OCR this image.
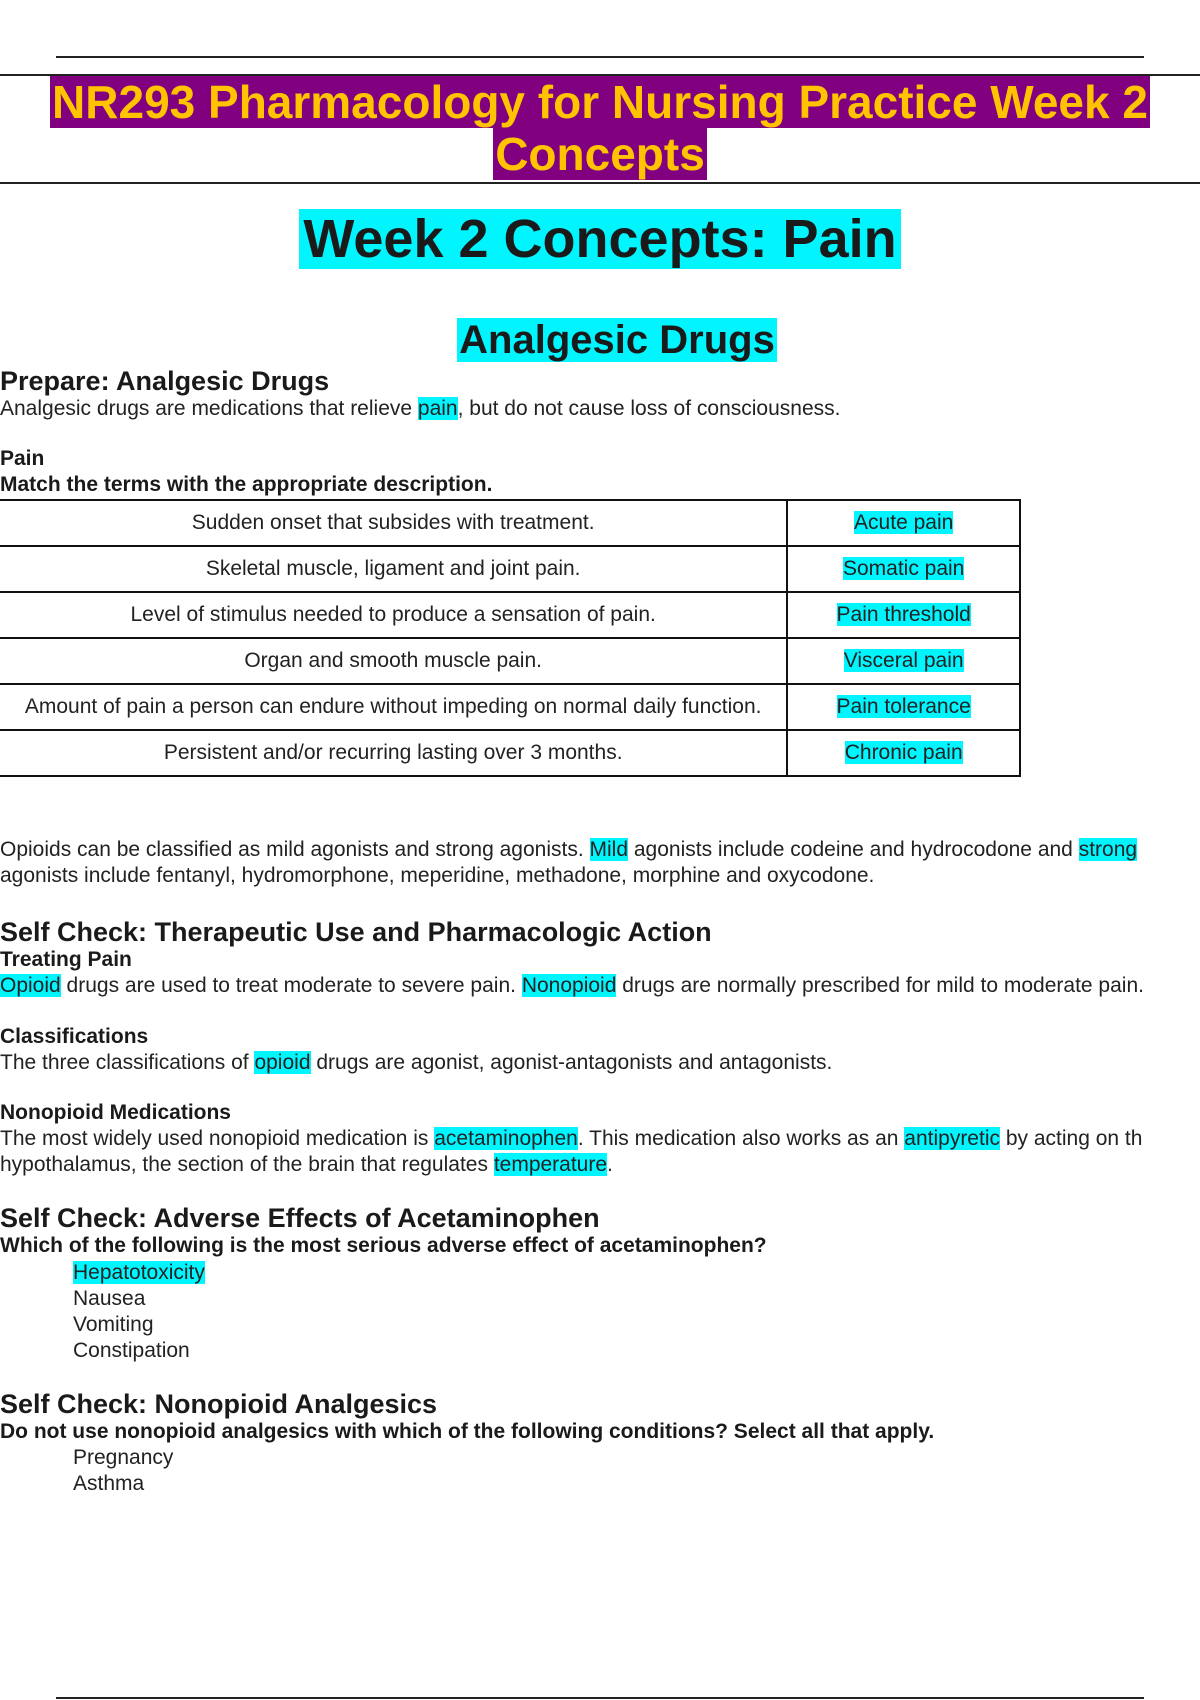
NR293 Pharmacology for Nursing Practice Week 2
Concepts
Week 2 Concepts: Pain
Analgesic Drugs

Prepare: Analgesic Drugs

Analgesic drugs are medications that relieve pain, but do not cause loss of consciousness.

Pain

Match the terms with the appropriate description.

Sudden onset that subsides with treatment.	Acute pain
Skeletal muscle, ligament and joint pain.	Somatic pain
Level of stimulus needed to produce a sensation of pain.	Pain threshold
Organ and smooth muscle pain.	Visceral pain
Amount of pain a person can endure without impeding on normal daily function.	Pain tolerance
Persistent and/or recurring lasting over 3 months.	Chronic pain

Opioids can be classified as mild agonists and strong agonists. Mild agonists include codeine and hydrocodone and strong

agonists include fentanyl, hydromorphone, meperidine, methadone, morphine and oxycodone.

Self Check: Therapeutic Use and Pharmacologic Action

Treating Pain

Opioid drugs are used to treat moderate to severe pain. Nonopioid drugs are normally prescribed for mild to moderate pain.

Classifications

The three classifications of opioid drugs are agonist, agonist-antagonists and antagonists.

Nonopioid Medications

The most widely used nonopioid medication is acetaminophen. This medication also works as an antipyretic by acting on th

hypothalamus, the section of the brain that regulates temperature.

Self Check: Adverse Effects of Acetaminophen

Which of the following is the most serious adverse effect of acetaminophen?

Hepatotoxicity
Nausea
Vomiting
Constipation

Self Check: Nonopioid Analgesics

Do not use nonopioid analgesics with which of the following conditions? Select all that apply.

Pregnancy
Asthma
